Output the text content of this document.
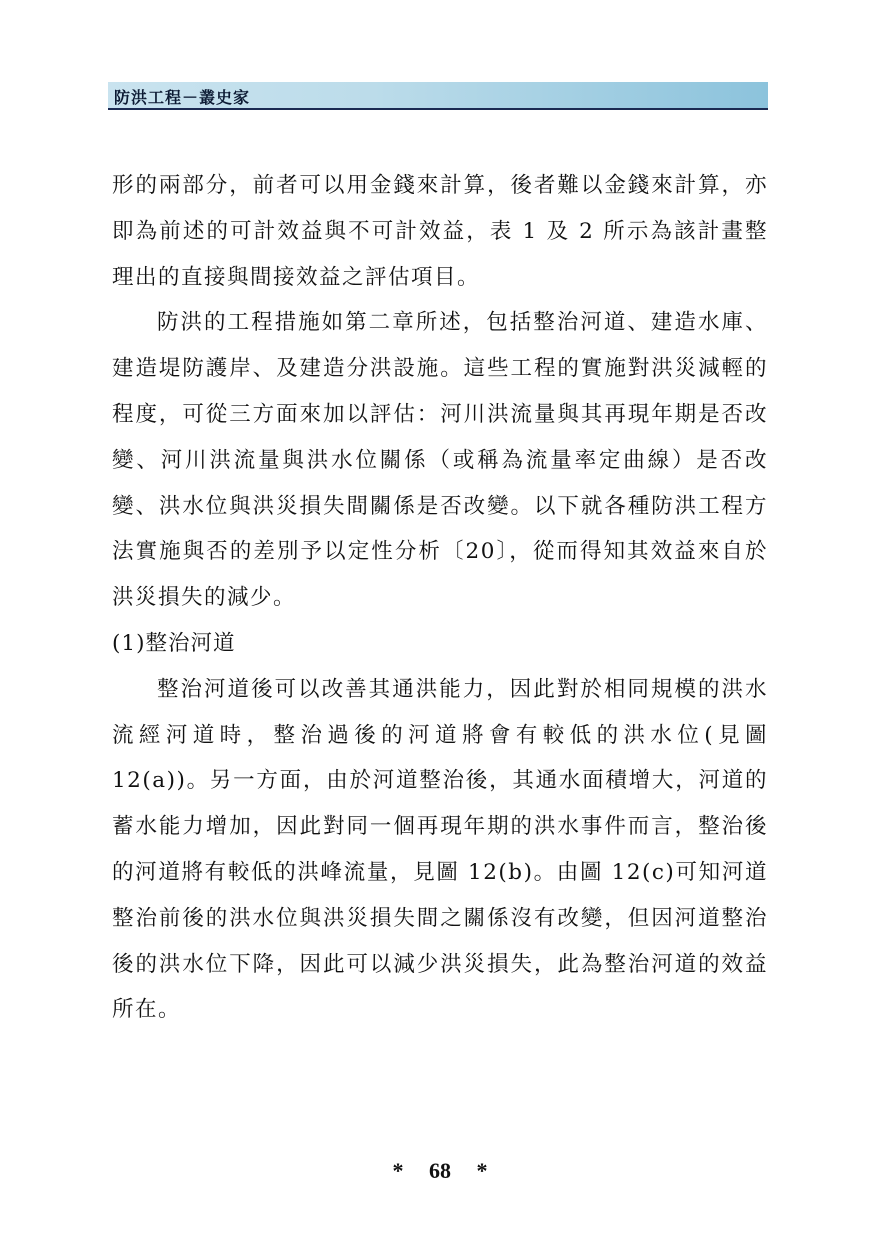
防洪工程－叢史家

形的兩部分，前者可以用金錢來計算，後者難以金錢來計算，亦即為前述的可計效益與不可計效益，表 1 及 2 所示為該計畫整理出的直接與間接效益之評估項目。

防洪的工程措施如第二章所述，包括整治河道、建造水庫、建造堤防護岸、及建造分洪設施。這些工程的實施對洪災減輕的程度，可從三方面來加以評估：河川洪流量與其再現年期是否改變、河川洪流量與洪水位關係（或稱為流量率定曲線）是否改變、洪水位與洪災損失間關係是否改變。以下就各種防洪工程方法實施與否的差別予以定性分析〔20〕，從而得知其效益來自於洪災損失的減少。

(1)整治河道

整治河道後可以改善其通洪能力，因此對於相同規模的洪水流經河道時，整治過後的河道將會有較低的洪水位(見圖 12(a))。另一方面，由於河道整治後，其通水面積增大，河道的蓄水能力增加，因此對同一個再現年期的洪水事件而言，整治後的河道將有較低的洪峰流量，見圖 12(b)。由圖 12(c)可知河道整治前後的洪水位與洪災損失間之關係沒有改變，但因河道整治後的洪水位下降，因此可以減少洪災損失，此為整治河道的效益所在。

* 68 *
